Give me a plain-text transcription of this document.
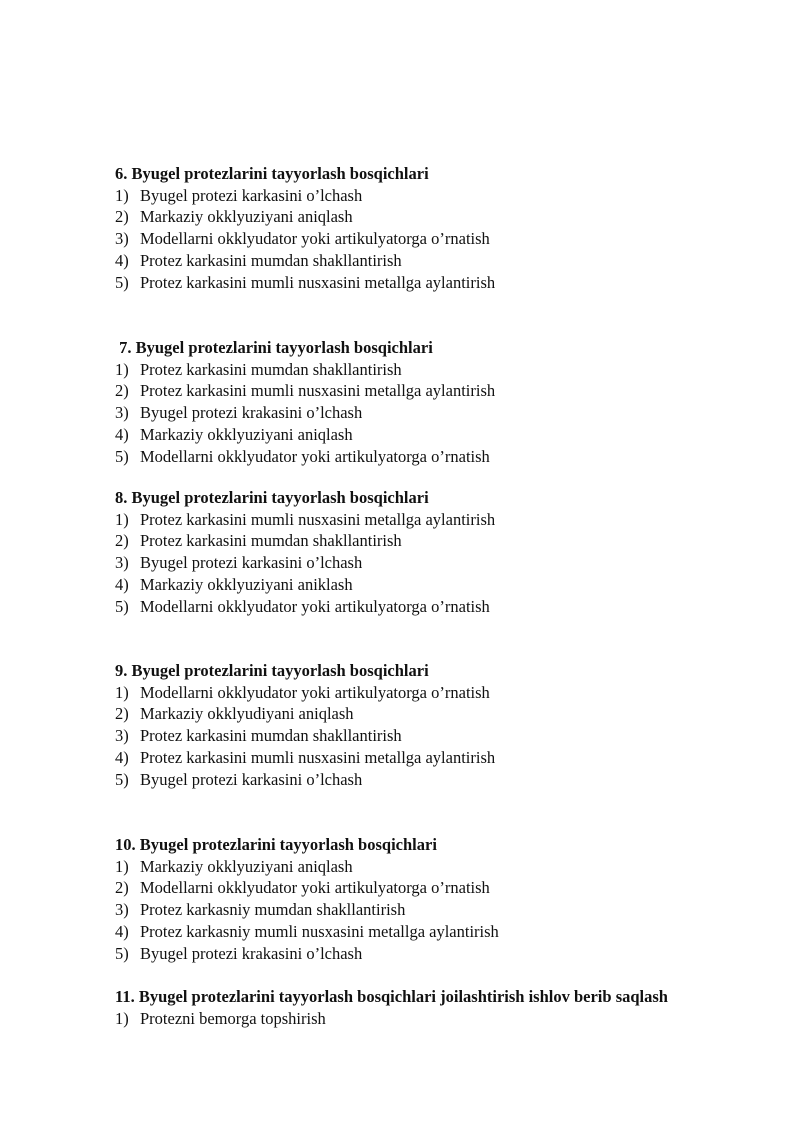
6. Byugel protezlarini tayyorlash bosqichlari

1) Byugel protezi karkasini o’lchash
2) Markaziy okklyuziyani aniqlash
3) Modellarni okklyudator yoki artikulyatorga o’rnatish
4) Protez karkasini mumdan shakllantirish
5) Protez karkasini mumli nusxasini metallga aylantirish

7. Byugel protezlarini tayyorlash bosqichlari

1) Protez karkasini mumdan shakllantirish
2) Protez karkasini mumli nusxasini metallga aylantirish
3) Byugel protezi krakasini o’lchash
4) Markaziy okklyuziyani aniqlash
5) Modellarni okklyudator yoki artikulyatorga o’rnatish

8. Byugel protezlarini tayyorlash bosqichlari

1) Protez karkasini mumli nusxasini metallga aylantirish
2) Protez karkasini mumdan shakllantirish
3) Byugel protezi karkasini o’lchash
4) Markaziy okklyuziyani aniklash
5) Modellarni okklyudator yoki artikulyatorga o’rnatish

9. Byugel protezlarini tayyorlash bosqichlari

1) Modellarni okklyudator yoki artikulyatorga o’rnatish
2) Markaziy okklyudiyani aniqlash
3) Protez karkasini mumdan shakllantirish
4) Protez karkasini mumli nusxasini metallga aylantirish
5) Byugel protezi karkasini o’lchash

10. Byugel protezlarini tayyorlash bosqichlari

1) Markaziy okklyuziyani aniqlash
2) Modellarni okklyudator yoki artikulyatorga o’rnatish
3) Protez karkasniy mumdan shakllantirish
4) Protez karkasniy mumli nusxasini metallga aylantirish
5) Byugel protezi krakasini o’lchash

11. Byugel protezlarini tayyorlash bosqichlari joilashtirish ishlov berib saqlash

1) Protezni bemorga topshirish
